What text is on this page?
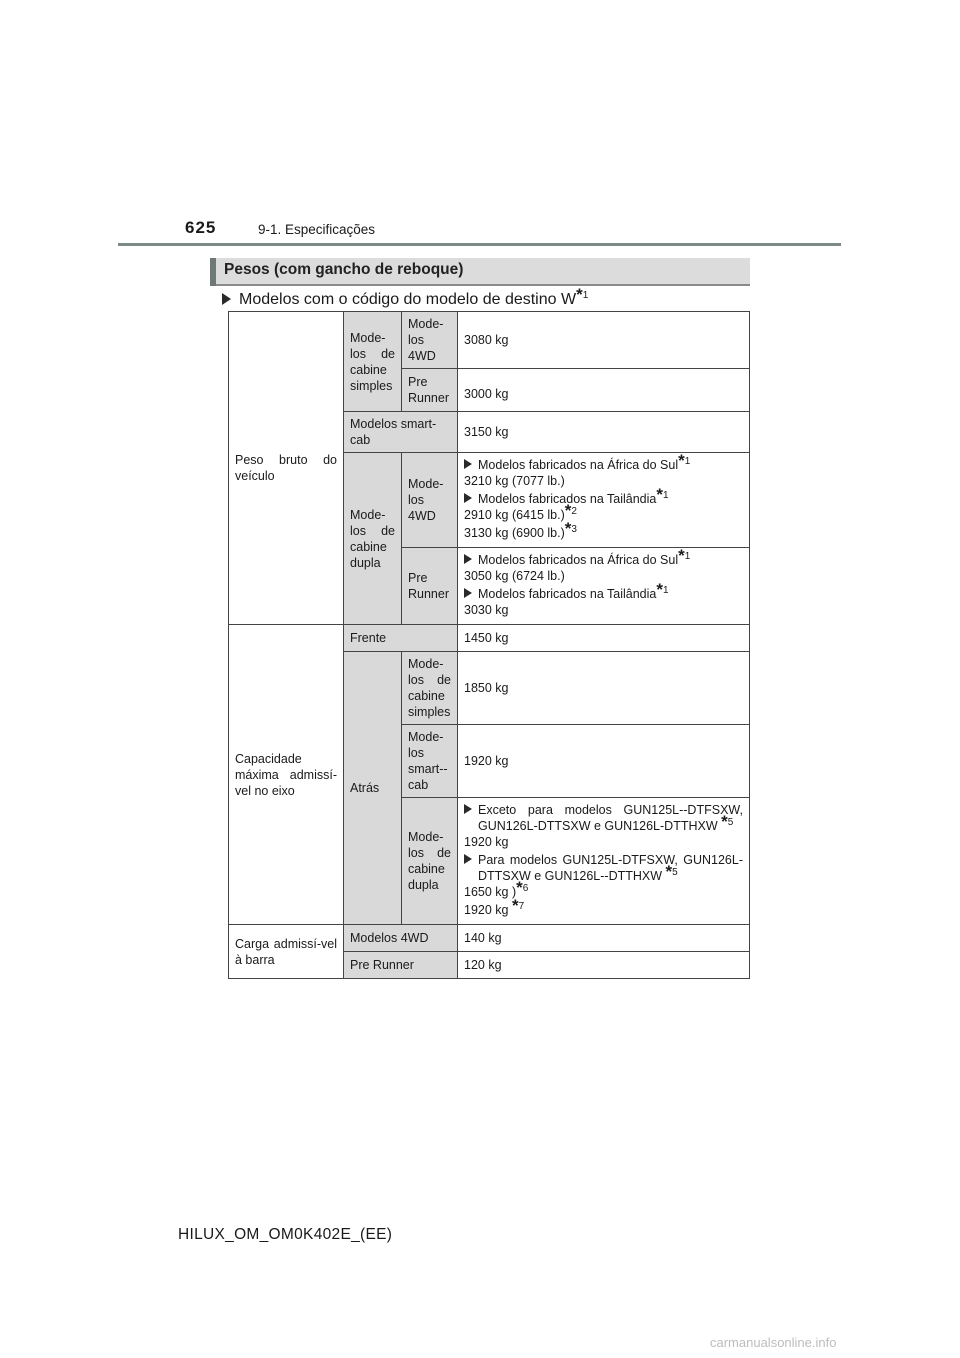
625	9-1. Especificações
Pesos (com gancho de reboque)
Modelos com o código do modelo de destino $W^{*1}$
Peso bruto do veículo	Mode-los de cabine simples	Mode-los 4WD	3080 kg
		Pre Runner	3000 kg
	Modelos smart-cab		3150 kg
	Mode-los de cabine dupla	Mode-los 4WD	Modelos fabricados na África do Sul$^{*1}$

3210 kg (7077 lb.)

Modelos fabricados na Tailândia$^{*1}$

2910 kg (6415 lb.)$^{*2}$

3130 kg (6900 lb.)$^{*3}$

		Pre Runner	Modelos fabricados na África do Sul$^{*1}$

3050 kg (6724 lb.)

Modelos fabricados na Tailândia$^{*1}$

3030 kg

Capacidade máxima admissí-vel no eixo	Frente		1450 kg
	Atrás	Mode-los de cabine simples	1850 kg
		Mode-los smart--cab	1920 kg
		Mode-los de cabine dupla	Exceto para modelos GUN125L--DTFSXW, GUN126L-DTTSXW e GUN126L-DTTHXW $^{*5}$

1920 kg

Para modelos GUN125L-DTFSXW, GUN126L-DTTSXW e GUN126L--DTTHXW $^{*5}$

1650 kg )$^{*6}$

1920 kg $^{*7}$

Carga admissí-vel à barra	Modelos 4WD		140 kg
	Pre Runner		120 kg
HILUX_OM_OM0K402E_(EE)
carmanualsonline.info
